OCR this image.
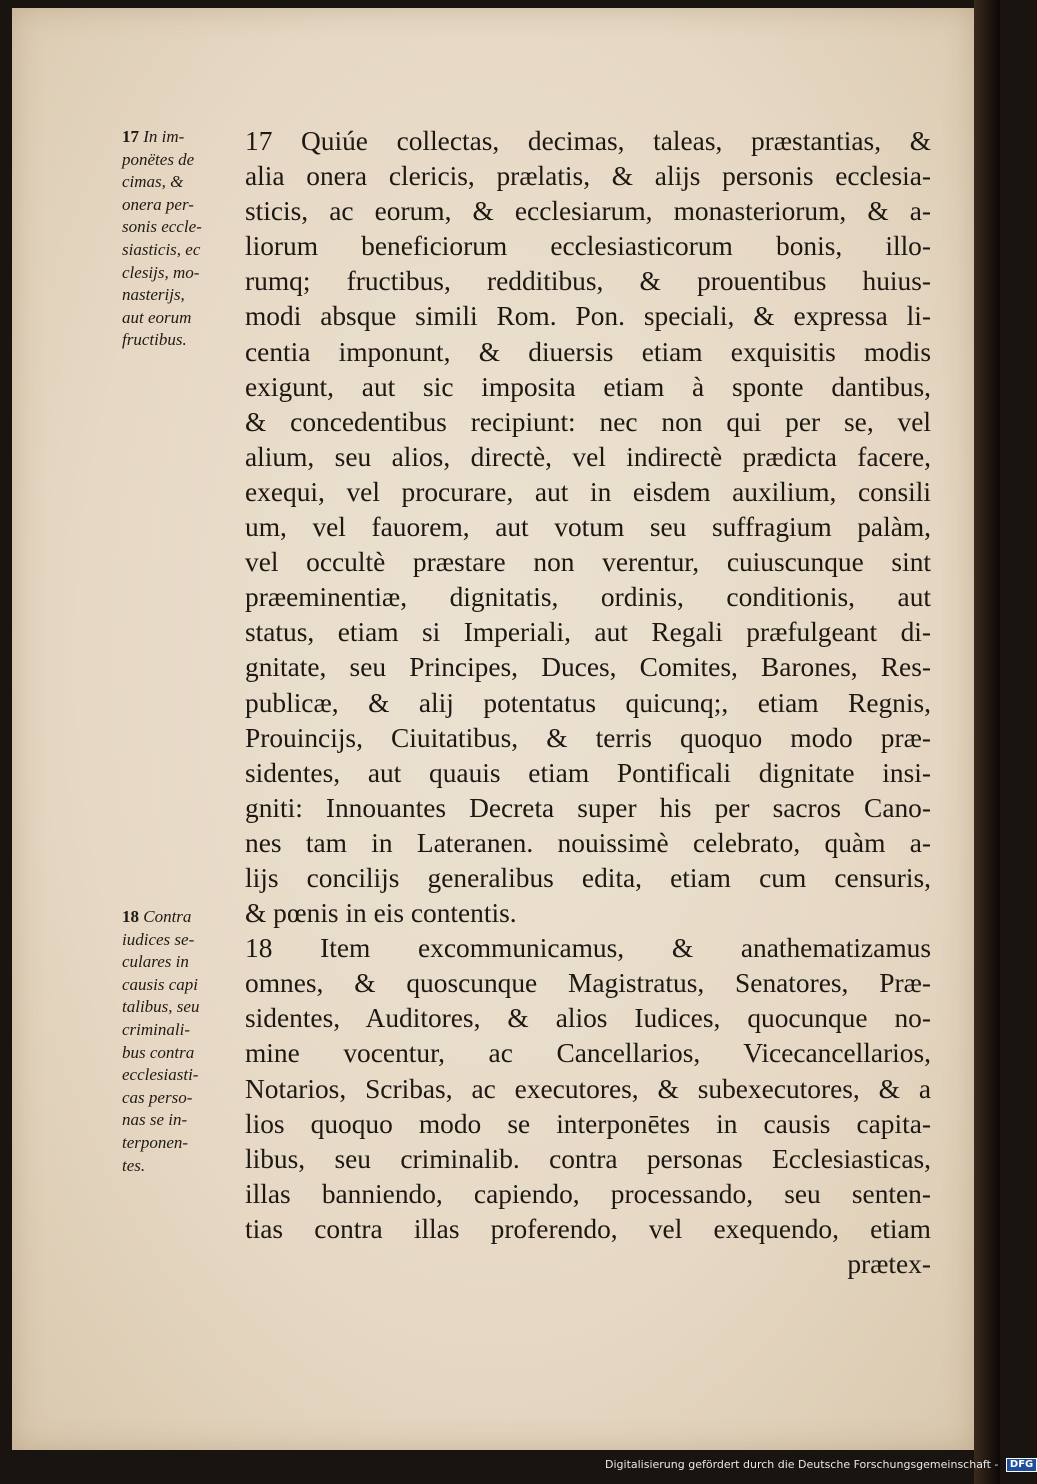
17 In im-
ponëtes de
cimas, &
onera per-
sonis eccle-
siasticis, ec
clesijs, mo-
nasterijs,
aut eorum
fructibus.
18 Contra
iudices se-
culares in
causis capi
talibus, seu
criminali-
bus contra
ecclesiasti-
cas perso-
nas se in-
terponen-
tes.
17 Quiúe collectas, decimas, taleas, præstantias, &
alia onera clericis, prælatis, & alijs personis ecclesia-
sticis, ac eorum, & ecclesiarum, monasteriorum, & a-
liorum beneficiorum ecclesiasticorum bonis, illo-
rumq; fructibus, redditibus, & prouentibus huius-
modi absque simili Rom. Pon. speciali, & expressa li-
centia imponunt, & diuersis etiam exquisitis modis
exigunt, aut sic imposita etiam à sponte dantibus,
& concedentibus recipiunt: nec non qui per se, vel
alium, seu alios, directè, vel indirectè prædicta facere,
exequi, vel procurare, aut in eisdem auxilium, consili
um, vel fauorem, aut votum seu suffragium palàm,
vel occultè præstare non verentur, cuiuscunque sint
præeminentiæ, dignitatis, ordinis, conditionis, aut
status, etiam si Imperiali, aut Regali præfulgeant di-
gnitate, seu Principes, Duces, Comites, Barones, Res-
publicæ, & alij potentatus quicunq;, etiam Regnis,
Prouincijs, Ciuitatibus, & terris quoquo modo præ-
sidentes, aut quauis etiam Pontificali dignitate insi-
gniti: Innouantes Decreta super his per sacros Cano-
nes tam in Lateranen. nouissimè celebrato, quàm a-
lijs concilijs generalibus edita, etiam cum censuris,
& pœnis in eis contentis.
18 Item excommunicamus, & anathematizamus
omnes, & quoscunque Magistratus, Senatores, Præ-
sidentes, Auditores, & alios Iudices, quocunque no-
mine vocentur, ac Cancellarios, Vicecancellarios,
Notarios, Scribas, ac executores, & subexecutores, & a
lios quoquo modo se interponētes in causis capita-
libus, seu criminalib. contra personas Ecclesiasticas,
illas banniendo, capiendo, processando, seu senten-
tias contra illas proferendo, vel exequendo, etiam
prætex-
Digitalisierung gefördert durch die Deutsche Forschungsgemeinschaft - DFG
